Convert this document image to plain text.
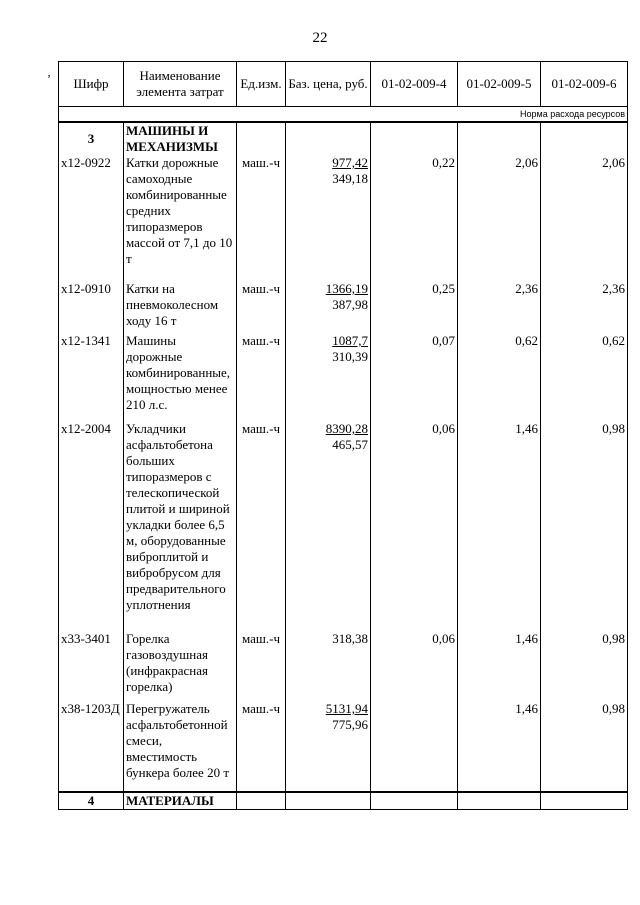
22
ʼ Шифр	Наименование элемента затрат	Ед.изм.	Баз. цена, руб.	01-02-009-4	01-02-009-5	01-02-009-6
Норма расхода ресурсов						
3	МАШИНЫ И МЕХАНИЗМЫ					
х12-0922	Катки дорожные самоходные комбинированные средних типоразмеров массой от 7,1 до 10 т	маш.-ч	977,42
349,18	0,22	2,06	2,06
х12-0910	Катки на пневмоколесном ходу 16 т	маш.-ч	1366,19
387,98	0,25	2,36	2,36
х12-1341	Машины дорожные комбинированные, мощностью менее 210 л.с.	маш.-ч	1087,7
310,39	0,07	0,62	0,62
х12-2004	Укладчики асфальтобетона больших типоразмеров с телескопической плитой и шириной укладки более 6,5 м, оборудованные виброплитой и вибробрусом для предварительного уплотнения	маш.-ч	8390,28
465,57	0,06	1,46	0,98
х33-3401	Горелка газовоздушная (инфракрасная горелка)	маш.-ч	318,38	0,06	1,46	0,98
х38-1203Д	Перегружатель асфальтобетонной смеси, вместимость бункера более 20 т	маш.-ч	5131,94
775,96		1,46	0,98
4	МАТЕРИАЛЫ					
